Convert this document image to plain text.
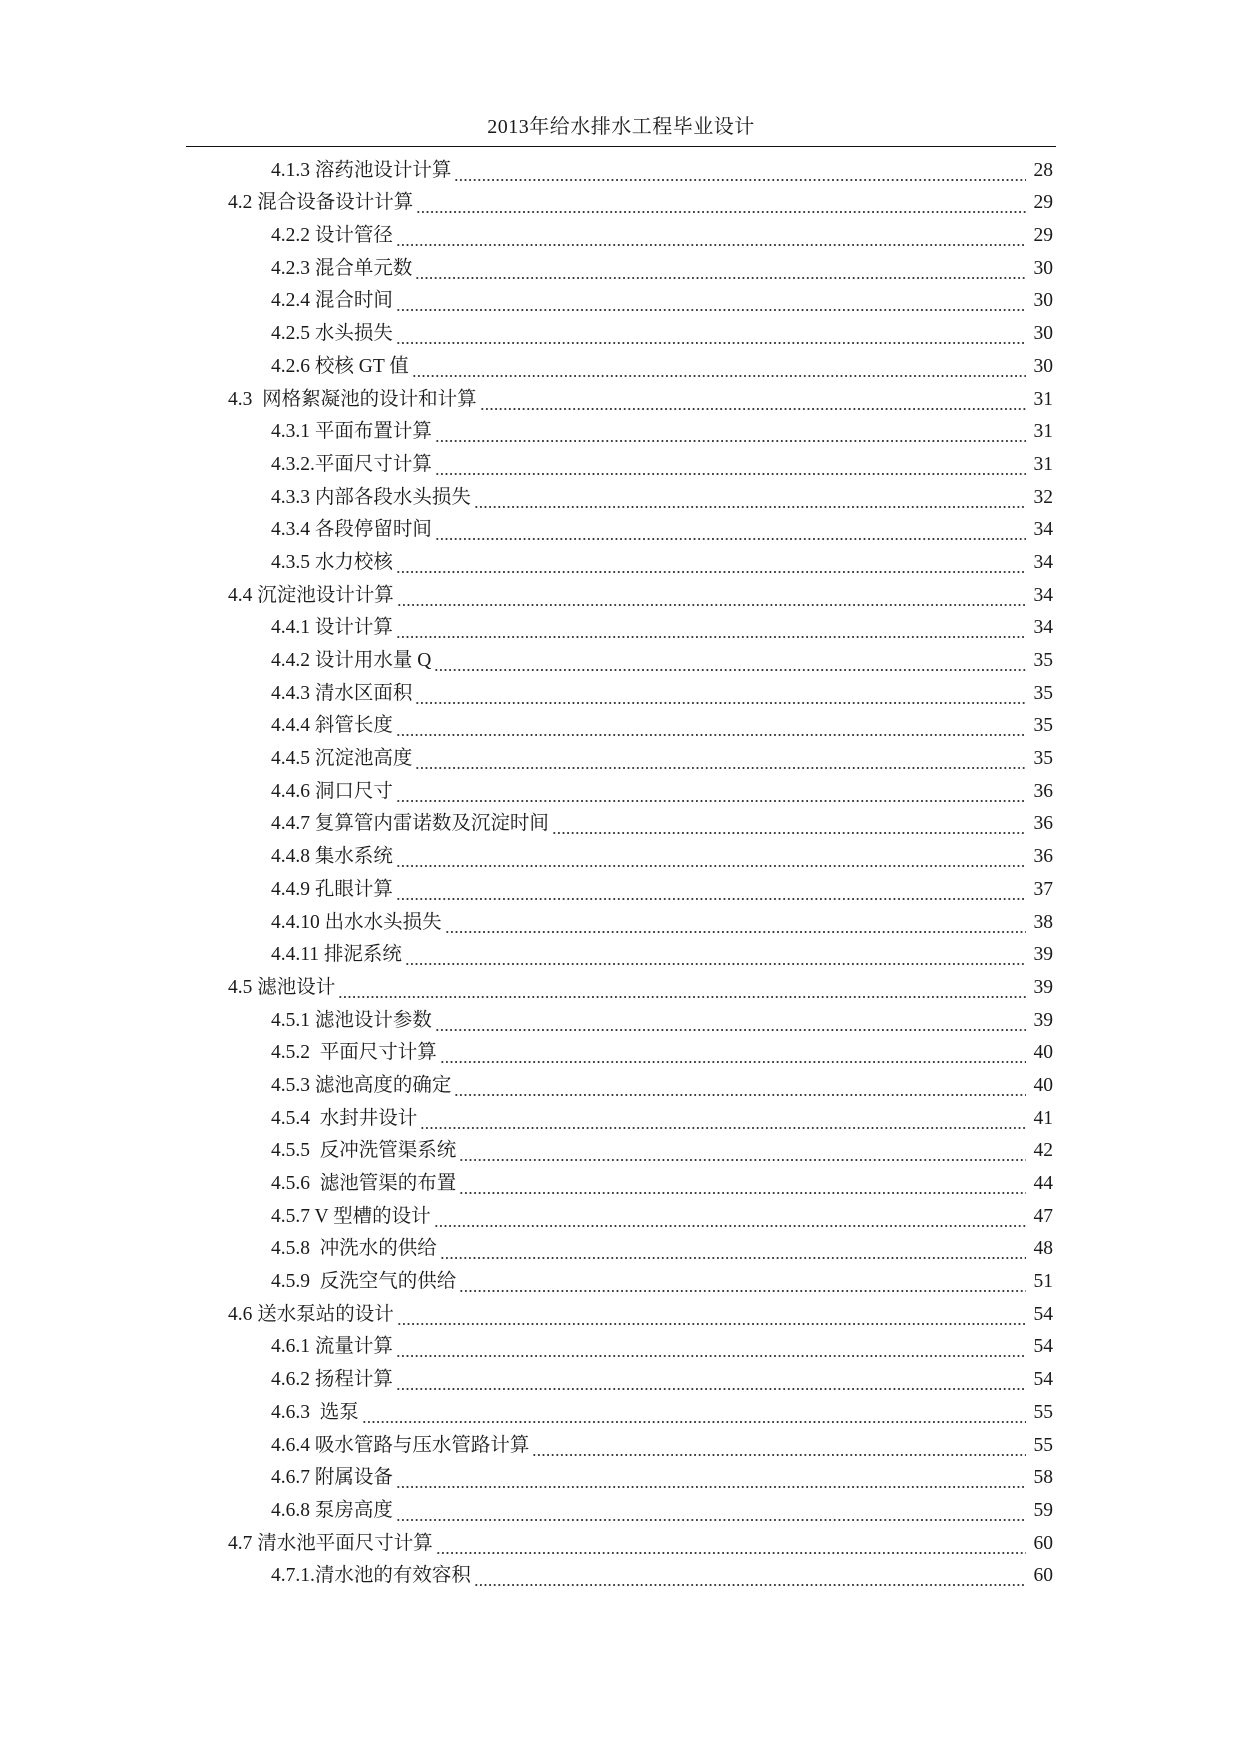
2013年给水排水工程毕业设计
4.1.3 溶药池设计计算	28
4.2 混合设备设计计算	29
4.2.2 设计管径	29
4.2.3 混合单元数	30
4.2.4 混合时间	30
4.2.5 水头损失	30
4.2.6 校核 GT 值	30
4.3  网格絮凝池的设计和计算	31
4.3.1 平面布置计算	31
4.3.2.平面尺寸计算	31
4.3.3 内部各段水头损失	32
4.3.4 各段停留时间	34
4.3.5 水力校核	34
4.4 沉淀池设计计算	34
4.4.1 设计计算	34
4.4.2 设计用水量 Q	35
4.4.3 清水区面积	35
4.4.4 斜管长度	35
4.4.5 沉淀池高度	35
4.4.6 洞口尺寸	36
4.4.7 复算管内雷诺数及沉淀时间	36
4.4.8 集水系统	36
4.4.9 孔眼计算	37
4.4.10 出水水头损失	38
4.4.11 排泥系统	39
4.5 滤池设计	39
4.5.1 滤池设计参数	39
4.5.2  平面尺寸计算	40
4.5.3 滤池高度的确定	40
4.5.4  水封井设计	41
4.5.5  反冲洗管渠系统	42
4.5.6  滤池管渠的布置	44
4.5.7 V 型槽的设计	47
4.5.8  冲洗水的供给	48
4.5.9  反洗空气的供给	51
4.6 送水泵站的设计	54
4.6.1 流量计算	54
4.6.2 扬程计算	54
4.6.3  选泵	55
4.6.4 吸水管路与压水管路计算	55
4.6.7 附属设备	58
4.6.8 泵房高度	59
4.7 清水池平面尺寸计算	60
4.7.1.清水池的有效容积	60
